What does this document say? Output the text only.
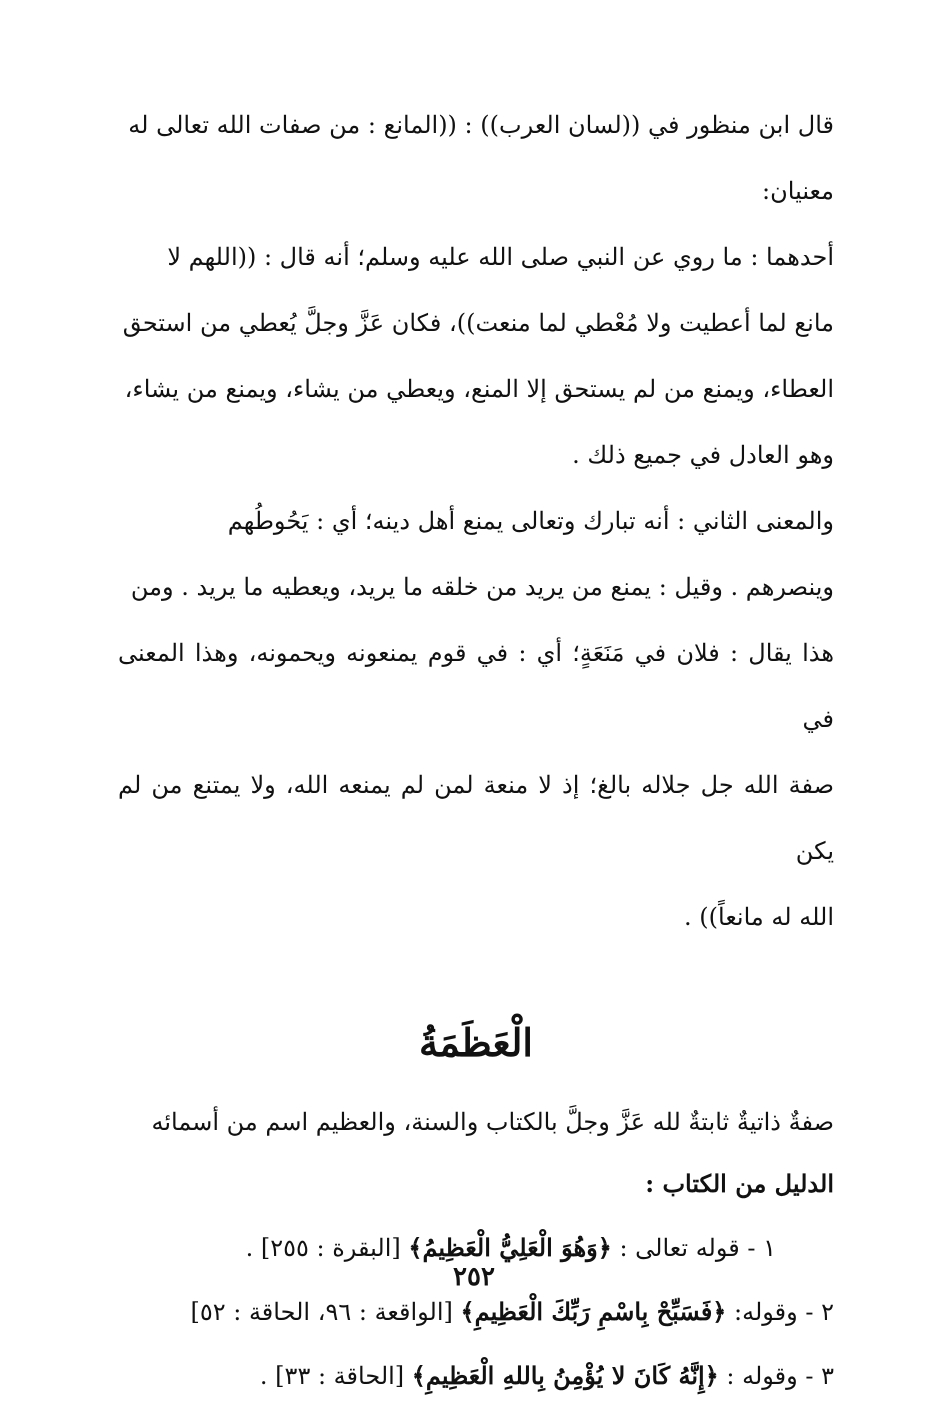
قال ابن منظور في ((لسان العرب)) : ((المانع : من صفات الله تعالى له

معنيان:

أحدهما : ما روي عن النبي صلى الله عليه وسلم؛ أنه قال : ((اللهم لا

مانع لما أعطيت ولا مُعْطي لما منعت))، فكان عَزَّ وجلَّ يُعطي من استحق

العطاء، ويمنع من لم يستحق إلا المنع، ويعطي من يشاء، ويمنع من يشاء،

وهو العادل في جميع ذلك .

والمعنى الثاني : أنه تبارك وتعالى يمنع أهل دينه؛ أي : يَحُوطُهم

وينصرهم . وقيل : يمنع من يريد من خلقه ما يريد، ويعطيه ما يريد . ومن

هذا يقال : فلان في مَنَعَةٍ؛ أي : في قوم يمنعونه ويحمونه، وهذا المعنى في

صفة الله جل جلاله بالغ؛ إذ لا منعة لمن لم يمنعه الله، ولا يمتنع من لم يكن

الله له مانعاً)) .

الْعَظَمَةُ

صفةٌ ذاتيةٌ ثابتةٌ لله عَزَّ وجلَّ بالكتاب والسنة، والعظيم اسم من أسمائه

الدليل من الكتاب :

١ - قوله تعالى : ﴿وَهُوَ الْعَلِيُّ الْعَظِيمُ﴾ [البقرة : ٢٥٥] .
٢ - وقوله: ﴿فَسَبِّحْ بِاسْمِ رَبِّكَ الْعَظِيمِ﴾ [الواقعة : ٩٦، الحاقة : ٥٢]
٣ - وقوله : ﴿إِنَّهُ كَانَ لا يُؤْمِنُ بِاللهِ الْعَظِيمِ﴾ [الحاقة : ٣٣] .
٢٥٢
